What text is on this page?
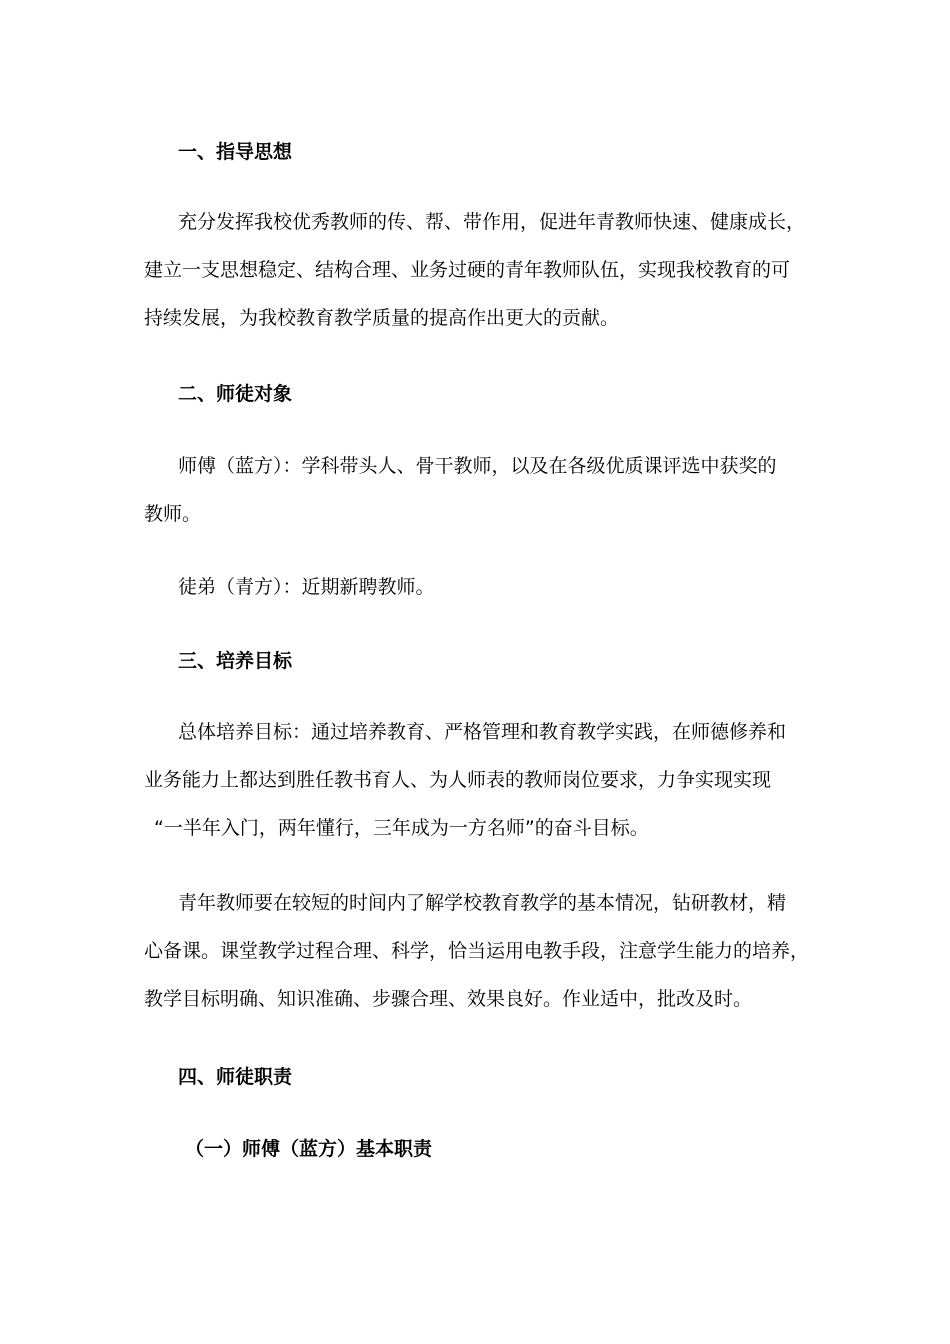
一、指导思想
充分发挥我校优秀教师的传、帮、带作用，促进年青教师快速、健康成长，
建立一支思想稳定、结构合理、业务过硬的青年教师队伍，实现我校教育的可
持续发展，为我校教育教学质量的提高作出更大的贡献。
二、师徒对象
师傅（蓝方）：学科带头人、骨干教师，以及在各级优质课评选中获奖的
教师。
徒弟（青方）：近期新聘教师。
三、培养目标
总体培养目标：通过培养教育、严格管理和教育教学实践，在师德修养和
业务能力上都达到胜任教书育人、为人师表的教师岗位要求，力争实现实现
“一半年入门，两年懂行，三年成为一方名师”的奋斗目标。
青年教师要在较短的时间内了解学校教育教学的基本情况，钻研教材，精
心备课。课堂教学过程合理、科学，恰当运用电教手段，注意学生能力的培养，
教学目标明确、知识准确、步骤合理、效果良好。作业适中，批改及时。
四、师徒职责
（一）师傅（蓝方）基本职责
